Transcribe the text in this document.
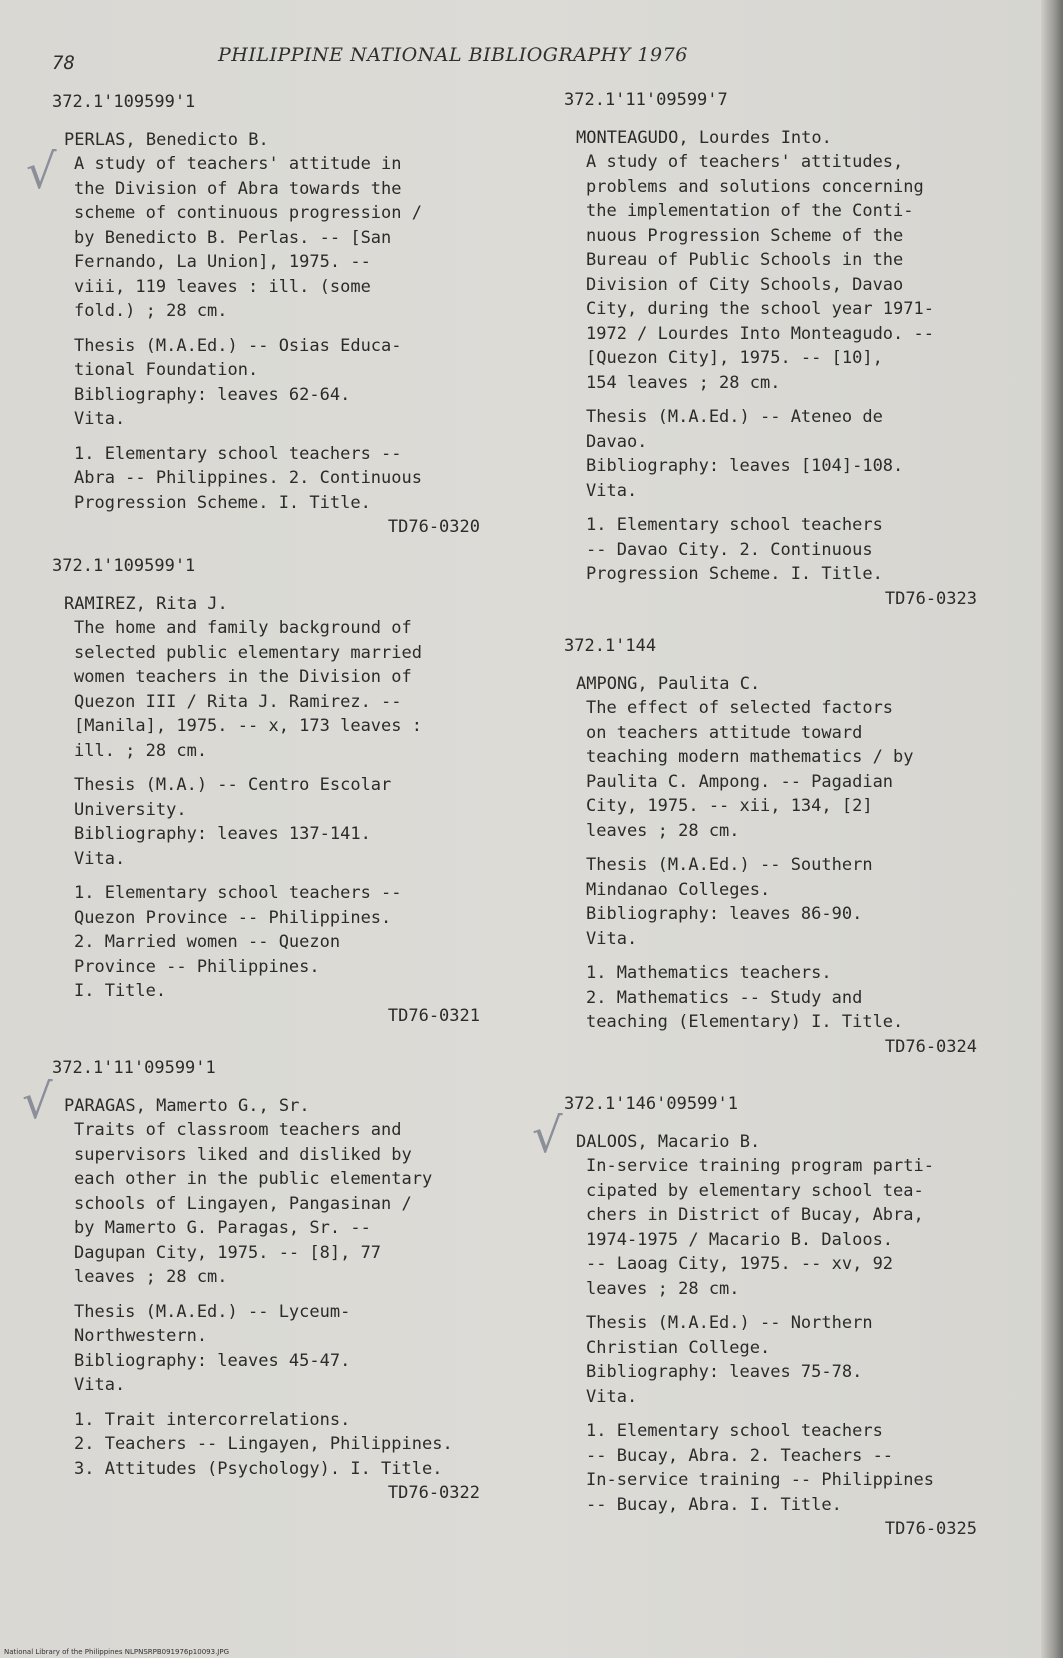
78	PHILIPPINE NATIONAL BIBLIOGRAPHY 1976
372.1'109599'1
PERLAS, Benedicto B.
A study of teachers' attitude in
the Division of Abra towards the
scheme of continuous progression /
by Benedicto B. Perlas. -- [San
Fernando, La Union], 1975. --
viii, 119 leaves : ill. (some
fold.) ; 28 cm.
Thesis (M.A.Ed.) -- Osias Educa-
tional Foundation.
Bibliography: leaves 62-64.
Vita.
1. Elementary school teachers --
Abra -- Philippines. 2. Continuous
Progression Scheme. I. Title.
TD76-0320
372.1'109599'1
RAMIREZ, Rita J.
The home and family background of
selected public elementary married
women teachers in the Division of
Quezon III / Rita J. Ramirez. --
[Manila], 1975. -- x, 173 leaves :
ill. ; 28 cm.
Thesis (M.A.) -- Centro Escolar
University.
Bibliography: leaves 137-141.
Vita.
1. Elementary school teachers --
Quezon Province -- Philippines.
2. Married women -- Quezon
Province -- Philippines.
I. Title.
TD76-0321
372.1'11'09599'1
PARAGAS, Mamerto G., Sr.
Traits of classroom teachers and
supervisors liked and disliked by
each other in the public elementary
schools of Lingayen, Pangasinan /
by Mamerto G. Paragas, Sr. --
Dagupan City, 1975. -- [8], 77
leaves ; 28 cm.
Thesis (M.A.Ed.) -- Lyceum-
Northwestern.
Bibliography: leaves 45-47.
Vita.
1. Trait intercorrelations.
2. Teachers -- Lingayen, Philippines.
3. Attitudes (Psychology). I. Title.
TD76-0322
372.1'11'09599'7
MONTEAGUDO, Lourdes Into.
A study of teachers' attitudes,
problems and solutions concerning
the implementation of the Conti-
nuous Progression Scheme of the
Bureau of Public Schools in the
Division of City Schools, Davao
City, during the school year 1971-
1972 / Lourdes Into Monteagudo. --
[Quezon City], 1975. -- [10],
154 leaves ; 28 cm.
Thesis (M.A.Ed.) -- Ateneo de
Davao.
Bibliography: leaves [104]-108.
Vita.
1. Elementary school teachers
-- Davao City. 2. Continuous
Progression Scheme. I. Title.
TD76-0323
372.1'144
AMPONG, Paulita C.
The effect of selected factors
on teachers attitude toward
teaching modern mathematics / by
Paulita C. Ampong. -- Pagadian
City, 1975. -- xii, 134, [2]
leaves ; 28 cm.
Thesis (M.A.Ed.) -- Southern
Mindanao Colleges.
Bibliography: leaves 86-90.
Vita.
1. Mathematics teachers.
2. Mathematics -- Study and
teaching (Elementary) I. Title.
TD76-0324
372.1'146'09599'1
DALOOS, Macario B.
In-service training program parti-
cipated by elementary school tea-
chers in District of Bucay, Abra,
1974-1975 / Macario B. Daloos.
-- Laoag City, 1975. -- xv, 92
leaves ; 28 cm.
Thesis (M.A.Ed.) -- Northern
Christian College.
Bibliography: leaves 75-78.
Vita.
1. Elementary school teachers
-- Bucay, Abra. 2. Teachers --
In-service training -- Philippines
-- Bucay, Abra. I. Title.
TD76-0325
√
√
√
National Library of the Philippines NLPNSRPB091976p10093.JPG
